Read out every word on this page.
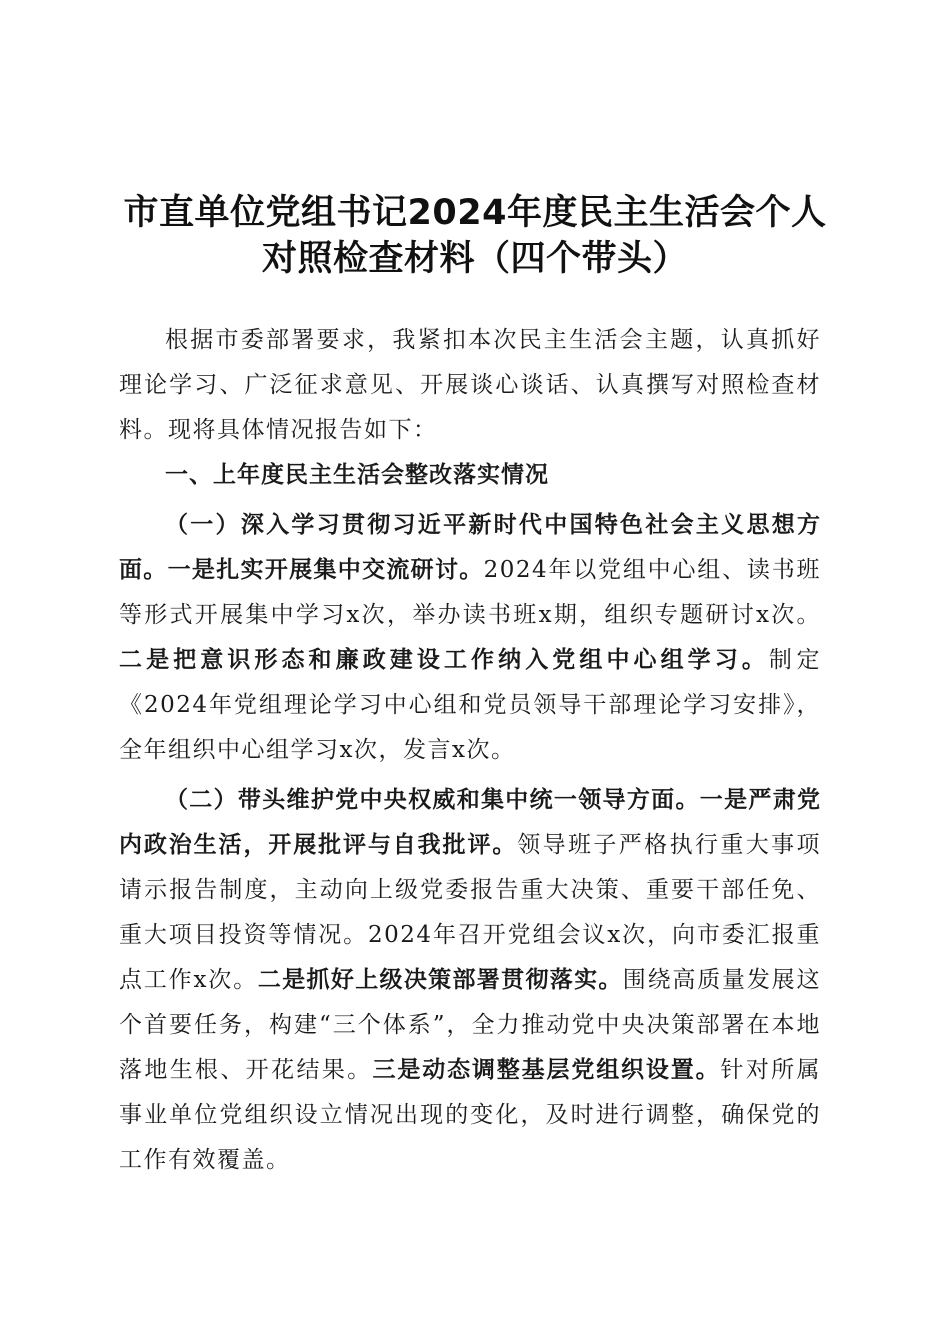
市直单位党组书记2024年度民主生活会个人
对照检查材料（四个带头）

根据市委部署要求，我紧扣本次民主生活会主题，认真抓好理论学习、广泛征求意见、开展谈心谈话、认真撰写对照检查材料。现将具体情况报告如下：

一、上年度民主生活会整改落实情况

（一）深入学习贯彻习近平新时代中国特色社会主义思想方面。一是扎实开展集中交流研讨。2024年以党组中心组、读书班等形式开展集中学习x次，举办读书班x期，组织专题研讨x次。二是把意识形态和廉政建设工作纳入党组中心组学习。制定《2024年党组理论学习中心组和党员领导干部理论学习安排》，全年组织中心组学习x次，发言x次。

（二）带头维护党中央权威和集中统一领导方面。一是严肃党内政治生活，开展批评与自我批评。领导班子严格执行重大事项请示报告制度，主动向上级党委报告重大决策、重要干部任免、重大项目投资等情况。2024年召开党组会议x次，向市委汇报重点工作x次。二是抓好上级决策部署贯彻落实。围绕高质量发展这个首要任务，构建“三个体系”，全力推动党中央决策部署在本地落地生根、开花结果。三是动态调整基层党组织设置。针对所属事业单位党组织设立情况出现的变化，及时进行调整，确保党的工作有效覆盖。
